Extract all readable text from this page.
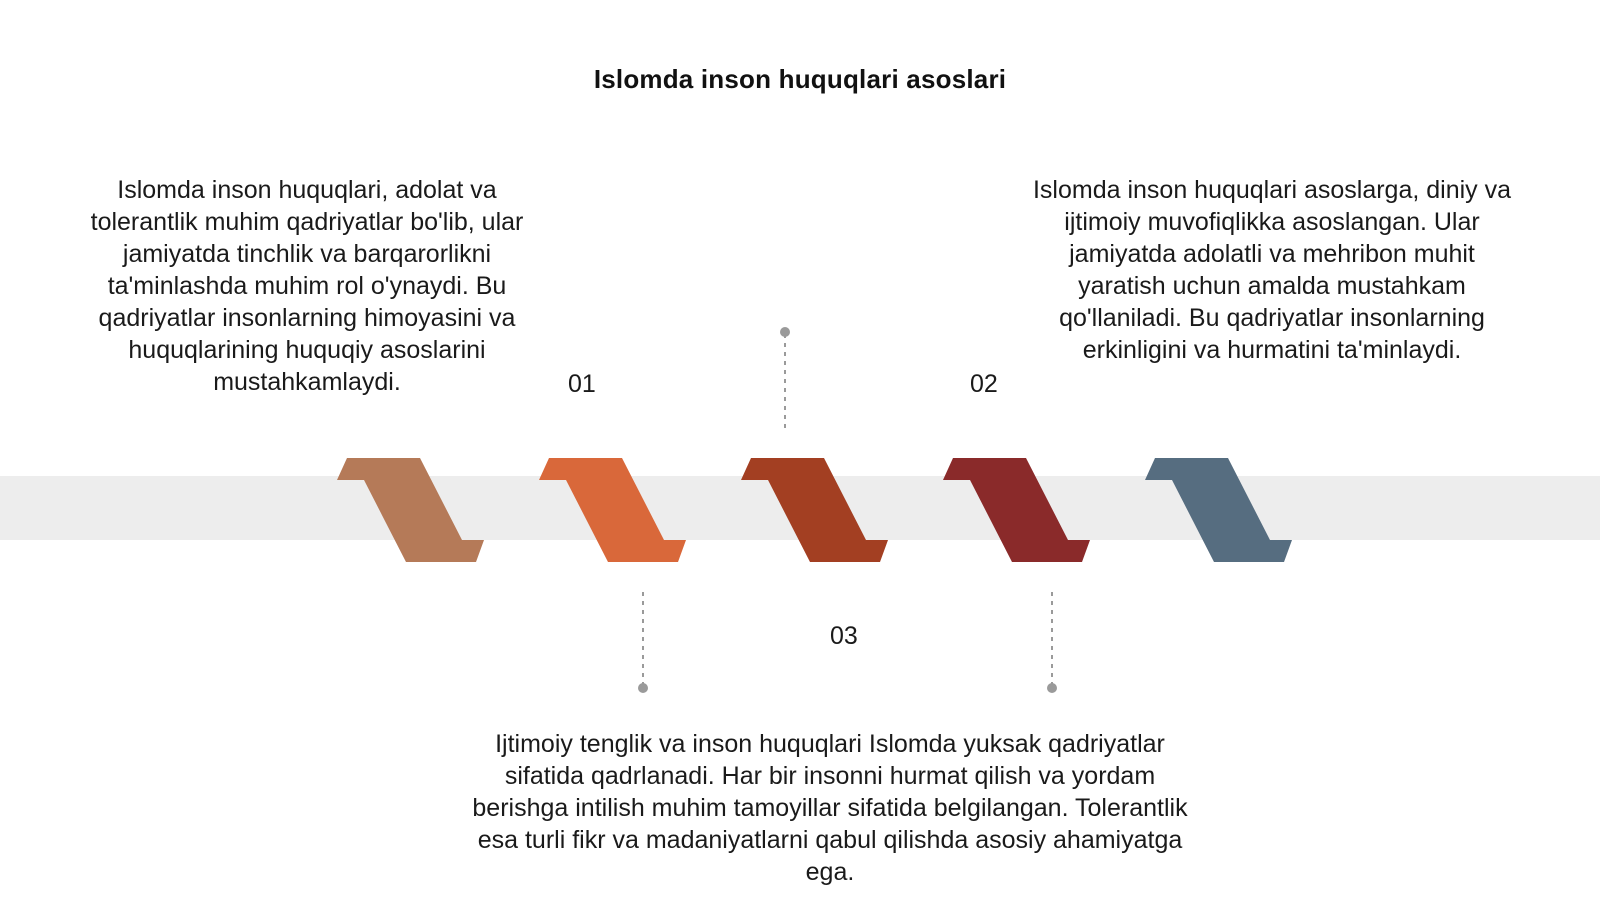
Islomda inson huquqlari asoslari
Islomda inson huquqlari, adolat va tolerantlik muhim qadriyatlar bo'lib, ular jamiyatda tinchlik va barqarorlikni ta'minlashda muhim rol o'ynaydi. Bu qadriyatlar insonlarning himoyasini va huquqlarining huquqiy asoslarini mustahkamlaydi.
Islomda inson huquqlari asoslarga, diniy va ijtimoiy muvofiqlikka asoslangan. Ular jamiyatda adolatli va mehribon muhit yaratish uchun amalda mustahkam qo'llaniladi. Bu qadriyatlar insonlarning erkinligini va hurmatini ta'minlaydi.
Ijtimoiy tenglik va inson huquqlari Islomda yuksak qadriyatlar sifatida qadrlanadi. Har bir insonni hurmat qilish va yordam berishga intilish muhim tamoyillar sifatida belgilangan. Tolerantlik esa turli fikr va madaniyatlarni qabul qilishda asosiy ahamiyatga ega.
01	02
03
